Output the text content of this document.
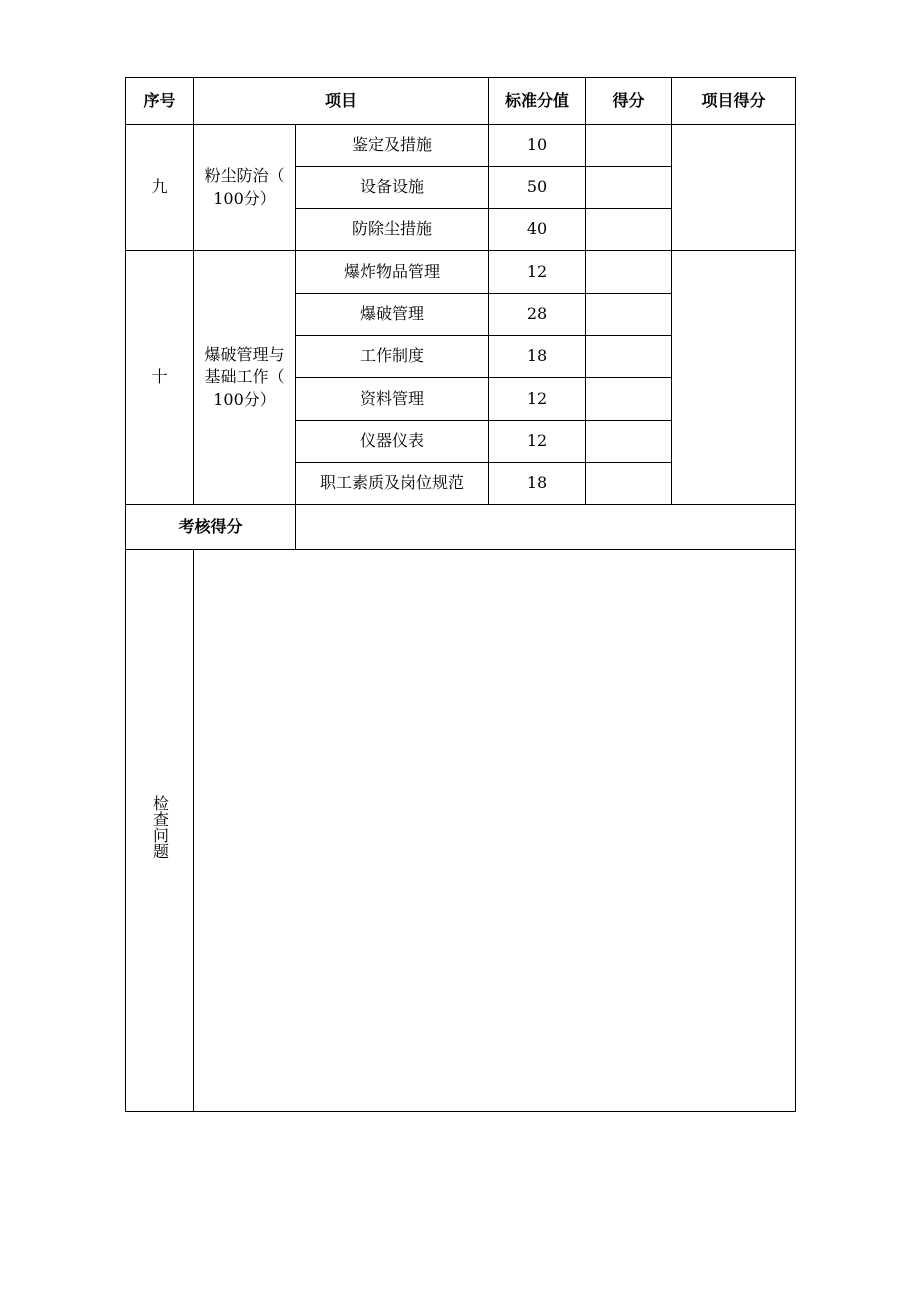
序号	项目		标准分值	得分	项目得分
九	粉尘防治（
100分）	鉴定及措施	10		
		设备设施	50		
		防除尘措施	40		
十	爆破管理与
基础工作（
100分）	爆炸物品管理	12		
		爆破管理	28		
		工作制度	18		
		资料管理	12		
		仪器仪表	12		
		职工素质及岗位规范	18		
考核得分					
检查问题					
